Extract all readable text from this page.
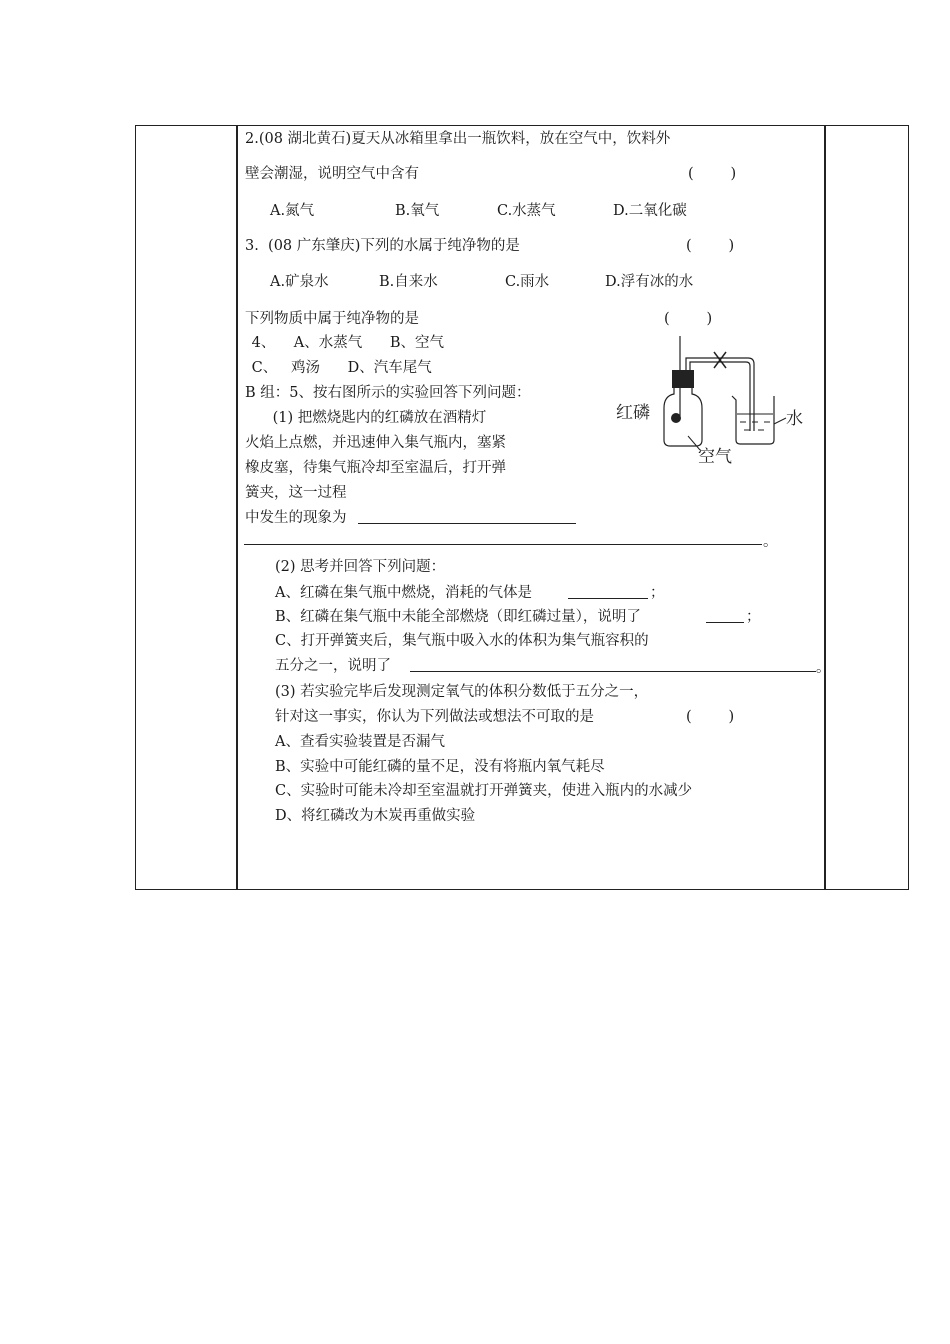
2.(08 湖北黄石)夏天从冰箱里拿出一瓶饮料，放在空气中，饮料外
壁会潮湿，说明空气中含有	(        )
A.氮气	B.氧气	C.水蒸气	D.二氧化碳
3.  (08 广东肇庆)下列的水属于纯净物的是	(        )
A.矿泉水	B.自来水	C.雨水	D.浮有冰的水
下列物质中属于纯净物的是	(        )
4、    A、水蒸气      B、空气
C、   鸡汤      D、汽车尾气
B 组：5、按右图所示的实验回答下列问题：
(1) 把燃烧匙内的红磷放在酒精灯
火焰上点燃，并迅速伸入集气瓶内，塞紧
橡皮塞，待集气瓶冷却至室温后，打开弹
簧夹，这一过程
中发生的现象为
。
(2) 思考并回答下列问题：
A、红磷在集气瓶中燃烧，消耗的气体是	；
B、红磷在集气瓶中未能全部燃烧（即红磷过量），说明了	；
C、打开弹簧夹后，集气瓶中吸入水的体积为集气瓶容积的
五分之一，说明了	。
(3) 若实验完毕后发现测定氧气的体积分数低于五分之一，
针对这一事实，你认为下列做法或想法不可取的是	(        )
A、查看实验装置是否漏气
B、实验中可能红磷的量不足，没有将瓶内氧气耗尽
C、实验时可能未冷却至室温就打开弹簧夹，使进入瓶内的水减少
D、将红磷改为木炭再重做实验
红磷
空气
水
